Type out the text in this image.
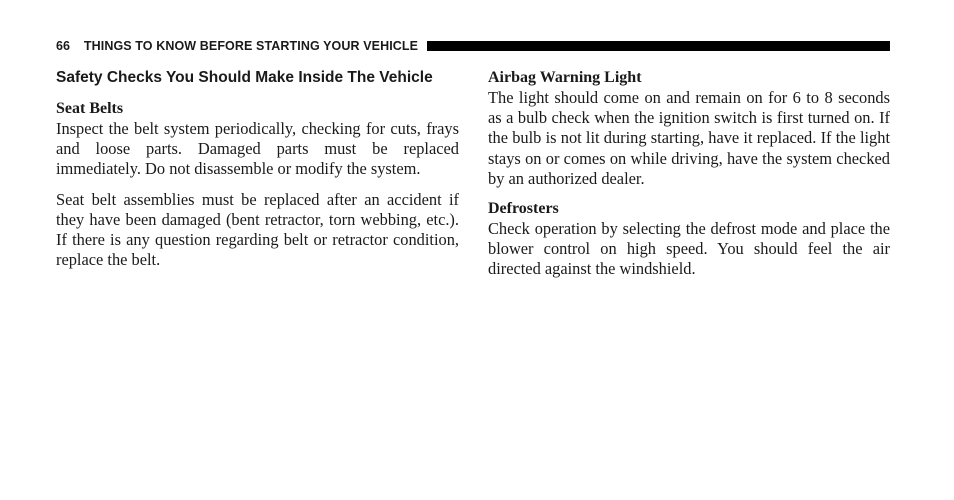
66 THINGS TO KNOW BEFORE STARTING YOUR VEHICLE
Safety Checks You Should Make Inside The Vehicle
Seat Belts

Inspect the belt system periodically, checking for cuts, frays and loose parts. Damaged parts must be replaced immediately. Do not disassemble or modify the system.

Seat belt assemblies must be replaced after an accident if they have been damaged (bent retractor, torn webbing, etc.). If there is any question regarding belt or retractor condition, replace the belt.

Airbag Warning Light

The light should come on and remain on for 6 to 8 seconds as a bulb check when the ignition switch is first turned on. If the bulb is not lit during starting, have it replaced. If the light stays on or comes on while driving, have the system checked by an authorized dealer.

Defrosters

Check operation by selecting the defrost mode and place the blower control on high speed. You should feel the air directed against the windshield.
